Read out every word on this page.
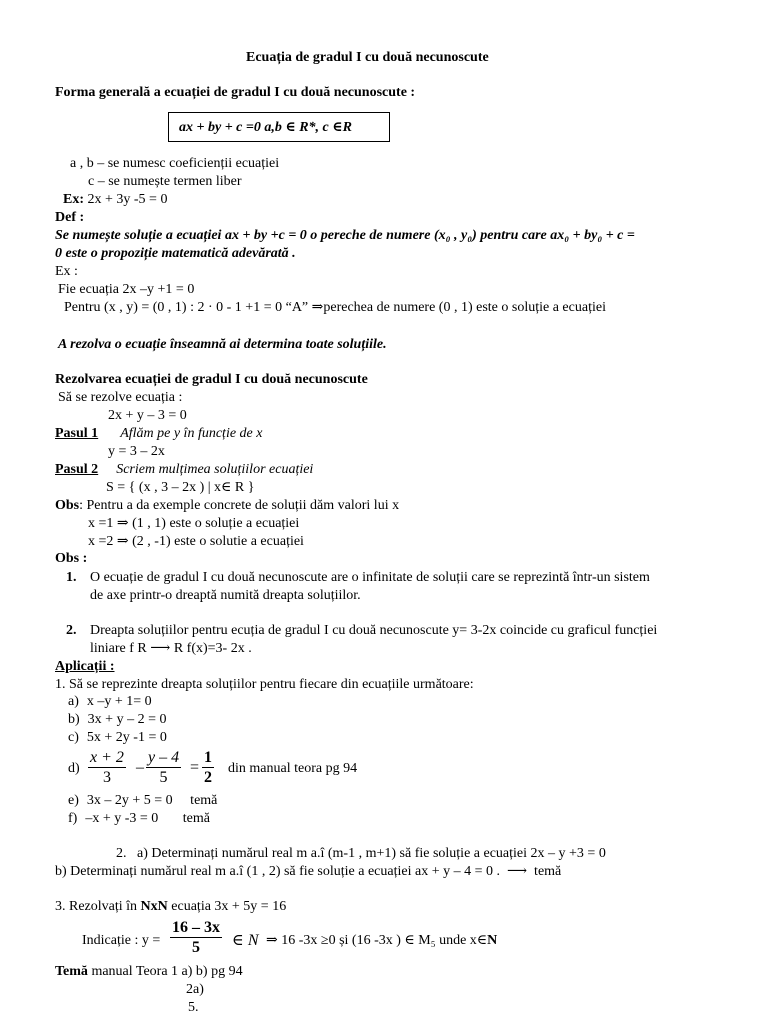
Ecuația de gradul I cu două necunoscute
Forma generală a ecuației de gradul I cu două necunoscute :
ax + by + c =0 a,b ∈ R*, c ∈R
a , b – se numesc coeficienții ecuației
c – se numește termen liber
Ex: 2x + 3y -5 = 0
Def :
Se numește soluție a ecuației ax + by +c = 0 o pereche de numere (x₀ , y₀) pentru care ax₀ + by₀ + c =
0 este o propoziție matematică adevărată .
Ex :
Fie ecuația 2x –y +1 = 0
Pentru (x , y) = (0 , 1) : 2 · 0 - 1 +1 = 0 “A” ⇒perechea de numere (0 , 1) este o soluție a ecuației
A rezolva o ecuație înseamnă ai determina toate soluțiile.
Rezolvarea ecuației de gradul I cu două necunoscute
Să se rezolve ecuația :
2x + y – 3 = 0
Pasul 1 Aflăm pe y în funcție de x
y = 3 – 2x
Pasul 2 Scriem mulțimea soluțiilor ecuației
S = { (x , 3 – 2x ) | x∈ R }
Obs: Pentru a da exemple concrete de soluții dăm valori lui x
x =1 ⇒ (1 , 1) este o soluție a ecuației
x =2 ⇒ (2 , -1) este o solutie a ecuației
Obs :
1. O ecuație de gradul I cu două necunoscute are o infinitate de soluții care se reprezintă într-un sistem
de axe printr-o dreaptă numită dreapta soluțiilor.
2. Dreapta soluțiilor pentru ecuția de gradul I cu două necunoscute y= 3-2x coincide cu graficul funcției
liniare f R ⟶ R f(x)=3- 2x .
Aplicații :
1. Să se reprezinte dreapta soluțiilor pentru fiecare din ecuațiile următoare:
a) x –y + 1= 0
b) 3x + y – 2 = 0
c) 5x + 2y -1 = 0
$d) \frac{x + 2}{3} - \frac{y - 4}{5} = \frac{1}{2}$ din manual teora pg 94
e) 3x – 2y + 5 = 0     temă
f) –x + y -3 = 0       temă
2.   a) Determinați numărul real m a.î (m-1 , m+1) să fie soluție a ecuației 2x – y +3 = 0
b) Determinați numărul real m a.î (1 , 2) să fie soluție a ecuației ax + y – 4 = 0 .  ⟶  temă
3. Rezolvați în NxN ecuația 3x + 5y = 16
Indicație : $y = \frac{16 - 3x}{5}$ ∈ N ⇒ 16 -3x ≥0 și (16 -3x ) ∈ M₅ unde x∈N
Temă manual Teora 1 a) b) pg 94
2a)
5.
